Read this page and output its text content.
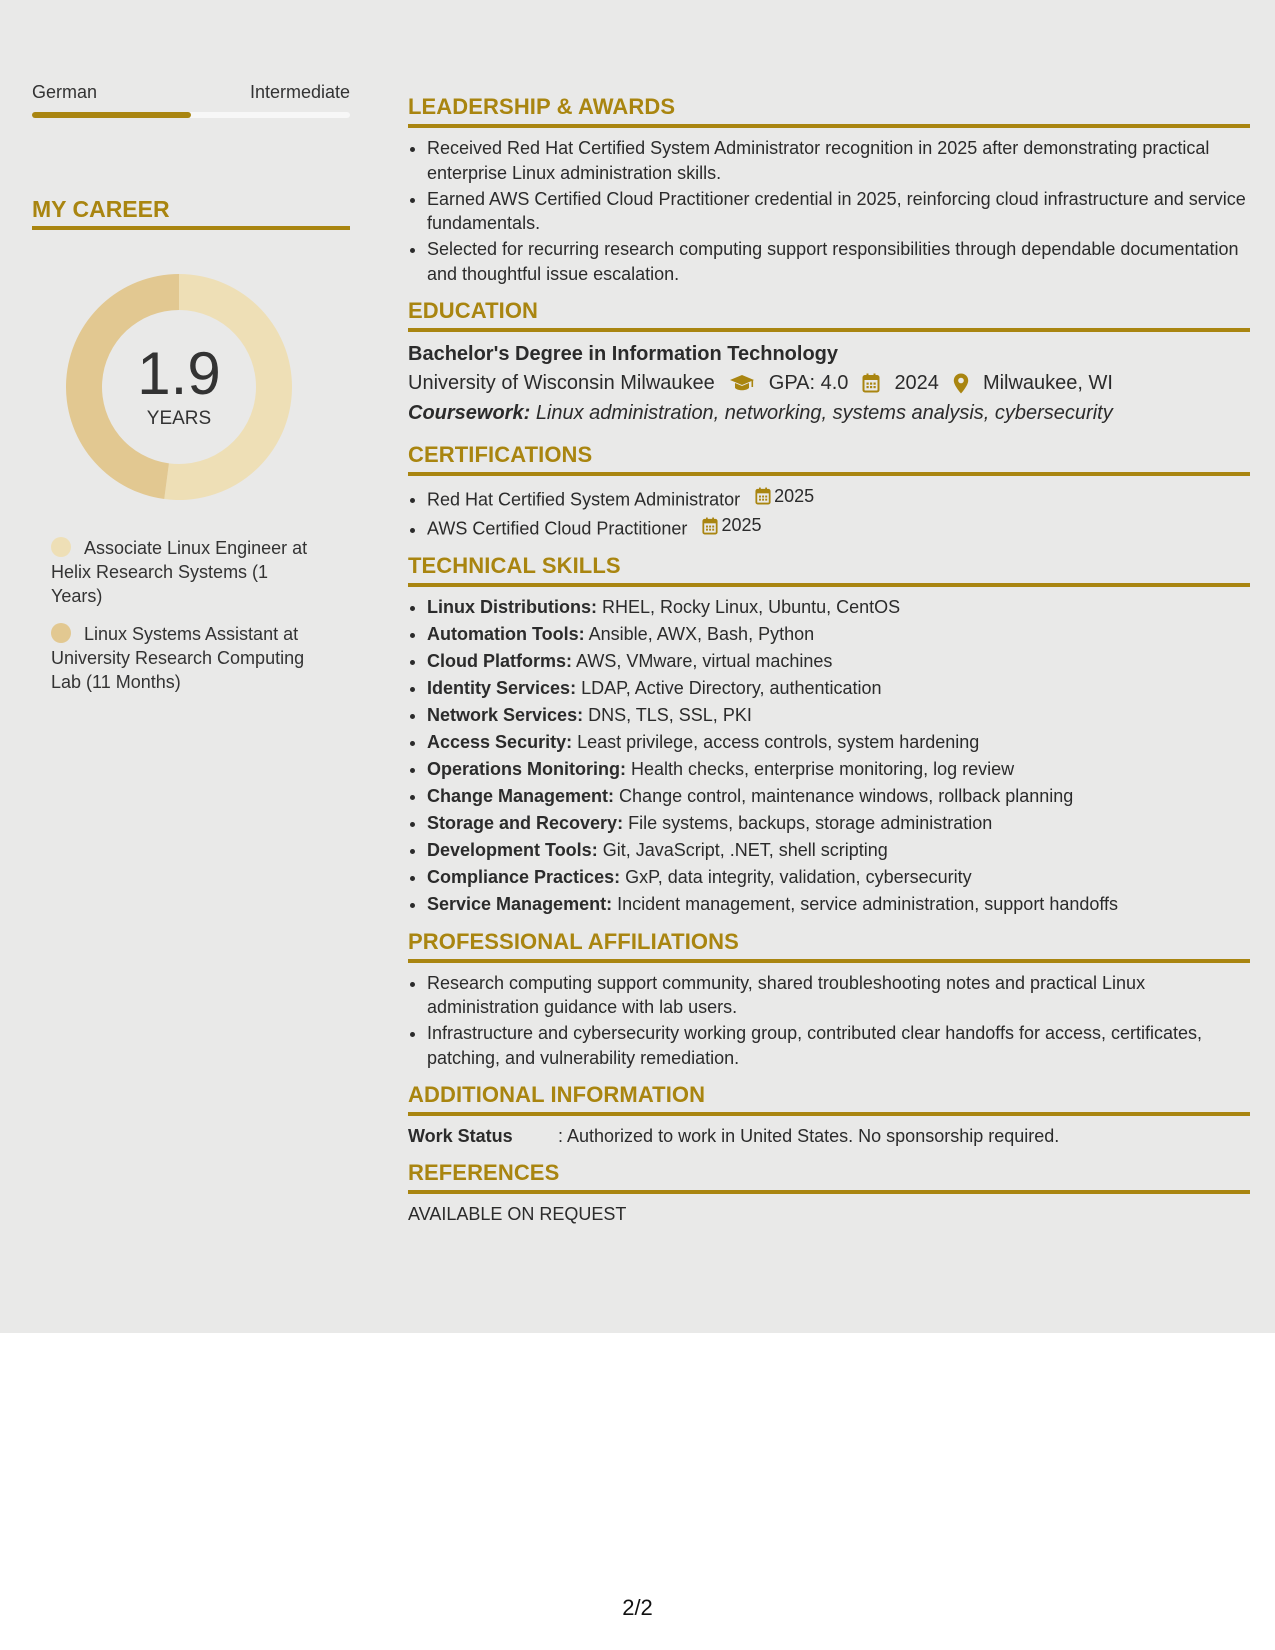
German	Intermediate
MY CAREER
1.9
YEARS
Associate Linux Engineer at Helix Research Systems (1 Years)
Linux Systems Assistant at University Research Computing Lab (11 Months)
LEADERSHIP & AWARDS
• Received Red Hat Certified System Administrator recognition in 2025 after demonstrating practical enterprise Linux administration skills.
• Earned AWS Certified Cloud Practitioner credential in 2025, reinforcing cloud infrastructure and service fundamentals.
• Selected for recurring research computing support responsibilities through dependable documentation and thoughtful issue escalation.
EDUCATION
Bachelor's Degree in Information Technology
University of Wisconsin Milwaukee	GPA: 4.0 2024 Milwaukee, WI
Coursework: Linux administration, networking, systems analysis, cybersecurity
CERTIFICATIONS
• Red Hat Certified System Administrator 2025
• AWS Certified Cloud Practitioner 2025
TECHNICAL SKILLS
• Linux Distributions: RHEL, Rocky Linux, Ubuntu, CentOS
• Automation Tools: Ansible, AWX, Bash, Python
• Cloud Platforms: AWS, VMware, virtual machines
• Identity Services: LDAP, Active Directory, authentication
• Network Services: DNS, TLS, SSL, PKI
• Access Security: Least privilege, access controls, system hardening
• Operations Monitoring: Health checks, enterprise monitoring, log review
• Change Management: Change control, maintenance windows, rollback planning
• Storage and Recovery: File systems, backups, storage administration
• Development Tools: Git, JavaScript, .NET, shell scripting
• Compliance Practices: GxP, data integrity, validation, cybersecurity
• Service Management: Incident management, service administration, support handoffs
PROFESSIONAL AFFILIATIONS
• Research computing support community, shared troubleshooting notes and practical Linux administration guidance with lab users.
• Infrastructure and cybersecurity working group, contributed clear handoffs for access, certificates, patching, and vulnerability remediation.
ADDITIONAL INFORMATION
Work Status	: Authorized to work in United States. No sponsorship required.
REFERENCES
AVAILABLE ON REQUEST
2/2
